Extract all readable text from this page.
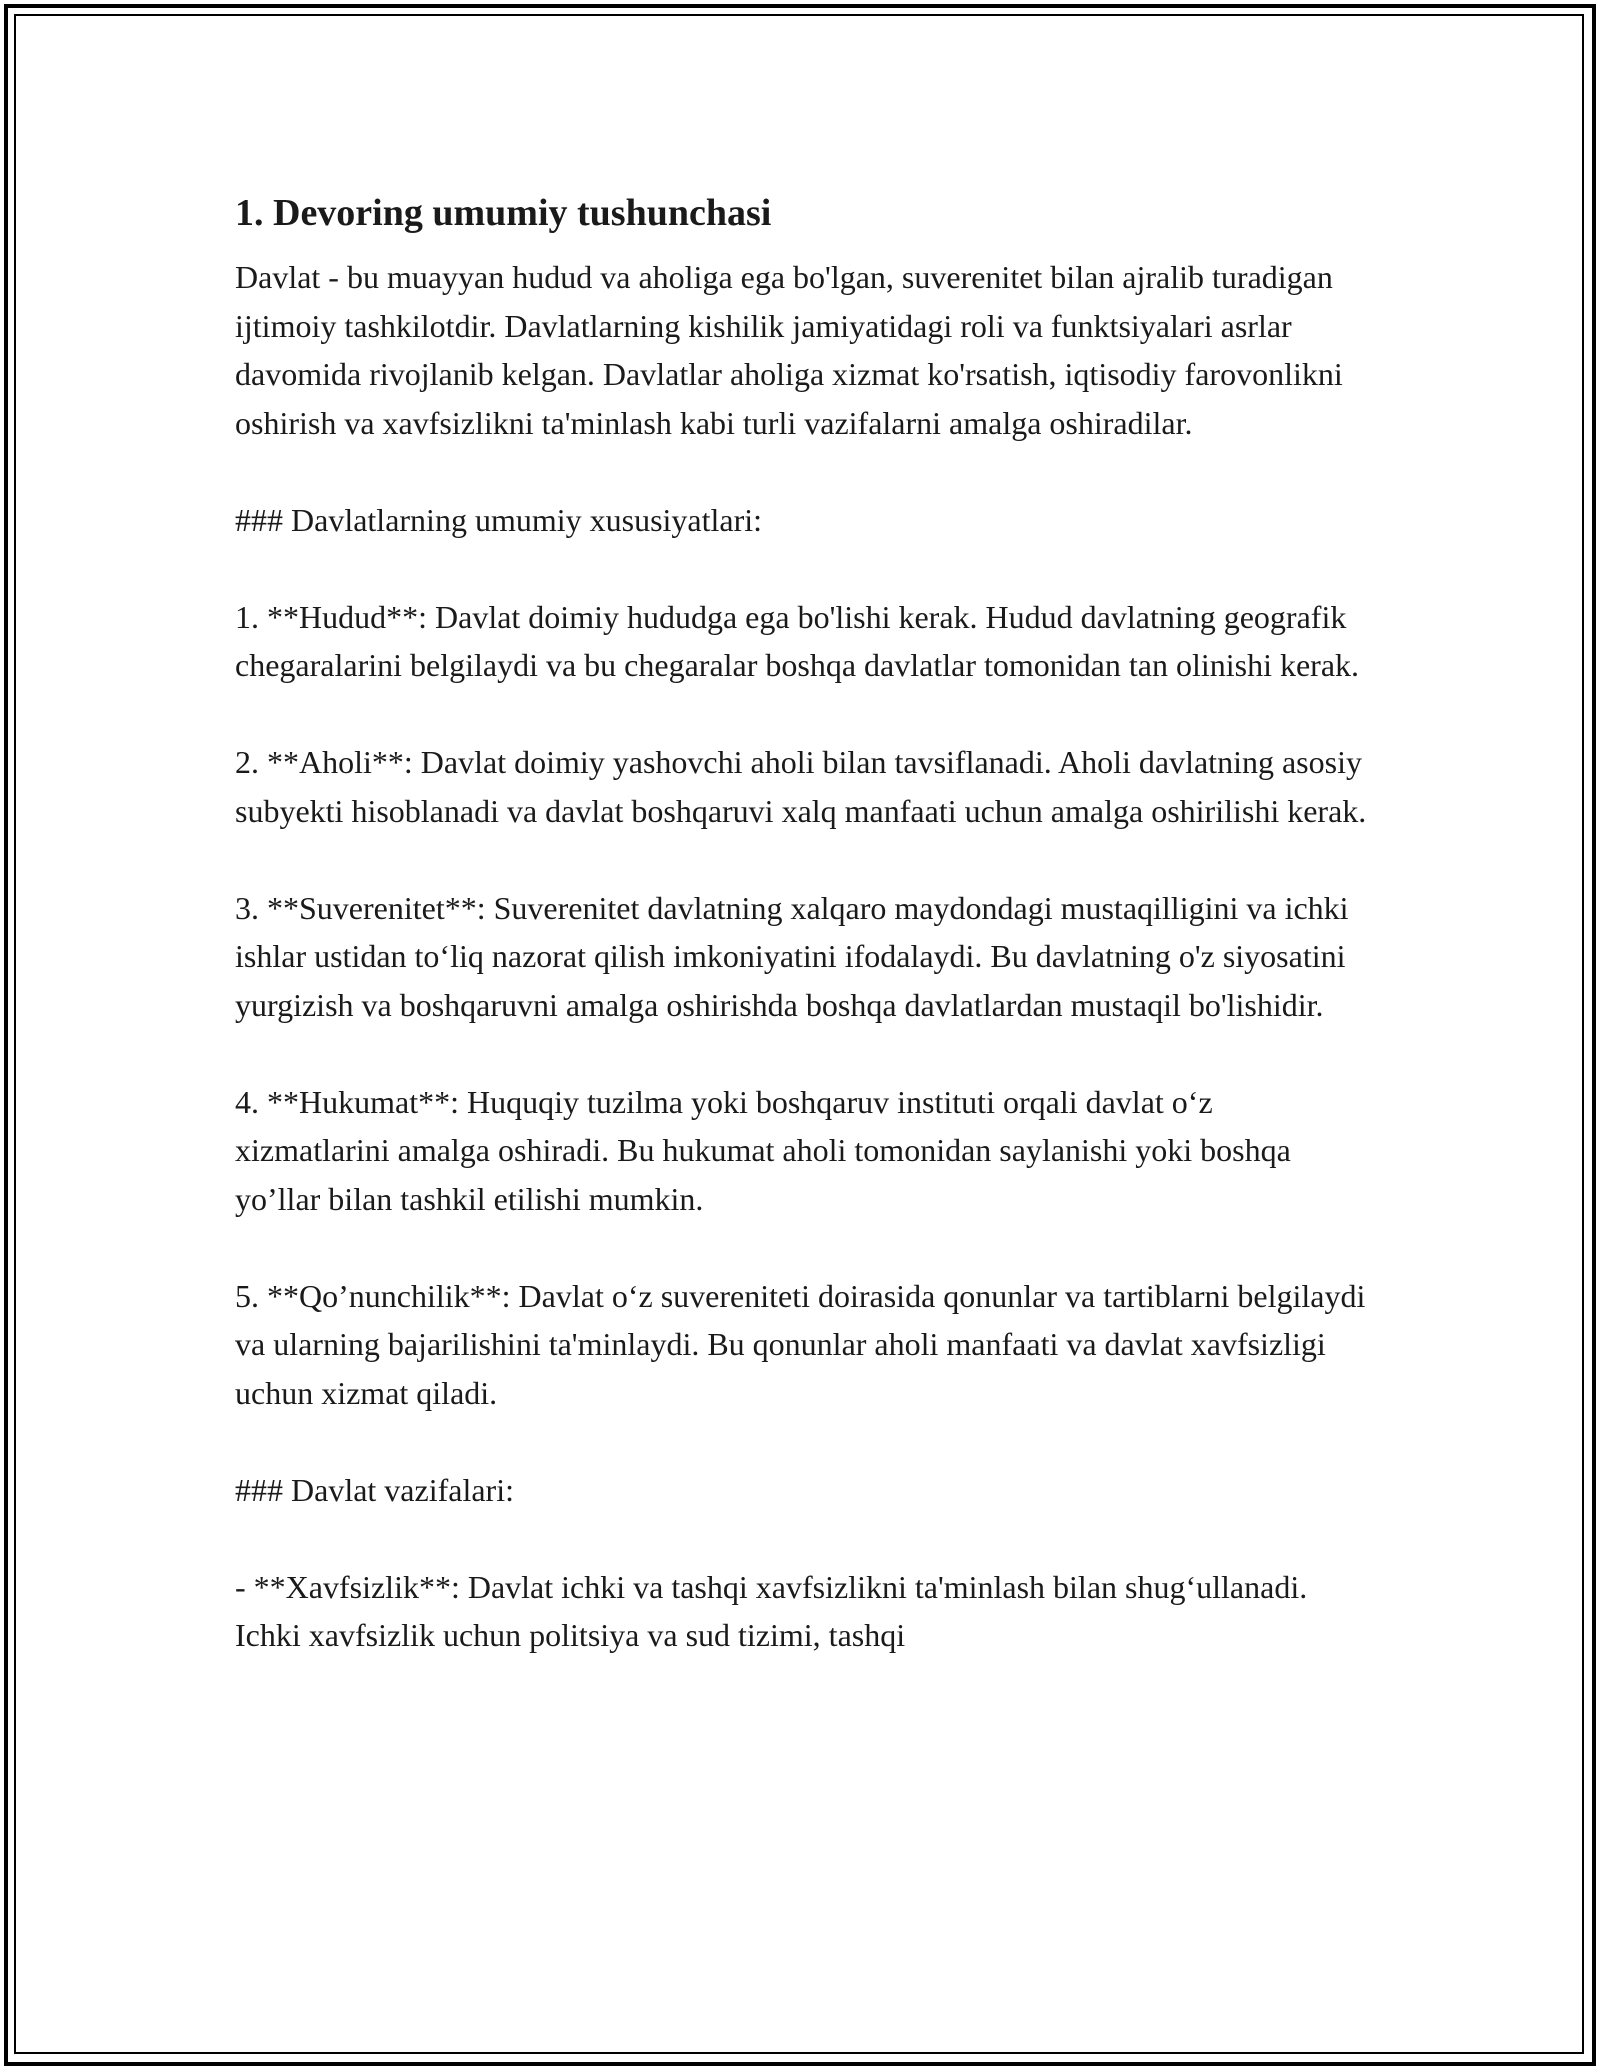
1. Devoring umumiy tushunchasi

Davlat - bu muayyan hudud va aholiga ega bo'lgan, suverenitet bilan ajralib turadigan ijtimoiy tashkilotdir. Davlatlarning kishilik jamiyatidagi roli va funktsiyalari asrlar davomida rivojlanib kelgan. Davlatlar aholiga xizmat ko'rsatish, iqtisodiy farovonlikni oshirish va xavfsizlikni ta'minlash kabi turli vazifalarni amalga oshiradilar.

### Davlatlarning umumiy xususiyatlari:

1. **Hudud**: Davlat doimiy hududga ega bo'lishi kerak. Hudud davlatning geografik chegaralarini belgilaydi va bu chegaralar boshqa davlatlar tomonidan tan olinishi kerak.

2. **Aholi**: Davlat doimiy yashovchi aholi bilan tavsiflanadi. Aholi davlatning asosiy subyekti hisoblanadi va davlat boshqaruvi xalq manfaati uchun amalga oshirilishi kerak.

3. **Suverenitet**: Suverenitet davlatning xalqaro maydondagi mustaqilligini va ichki ishlar ustidan to‘liq nazorat qilish imkoniyatini ifodalaydi. Bu davlatning o'z siyosatini yurgizish va boshqaruvni amalga oshirishda boshqa davlatlardan mustaqil bo'lishidir.

4. **Hukumat**: Huquqiy tuzilma yoki boshqaruv instituti orqali davlat o‘z xizmatlarini amalga oshiradi. Bu hukumat aholi tomonidan saylanishi yoki boshqa yo’llar bilan tashkil etilishi mumkin.

5. **Qo’nunchilik**: Davlat o‘z suvereniteti doirasida qonunlar va tartiblarni belgilaydi va ularning bajarilishini ta'minlaydi. Bu qonunlar aholi manfaati va davlat xavfsizligi uchun xizmat qiladi.

### Davlat vazifalari:

- **Xavfsizlik**: Davlat ichki va tashqi xavfsizlikni ta'minlash bilan shug‘ullanadi. Ichki xavfsizlik uchun politsiya va sud tizimi, tashqi
